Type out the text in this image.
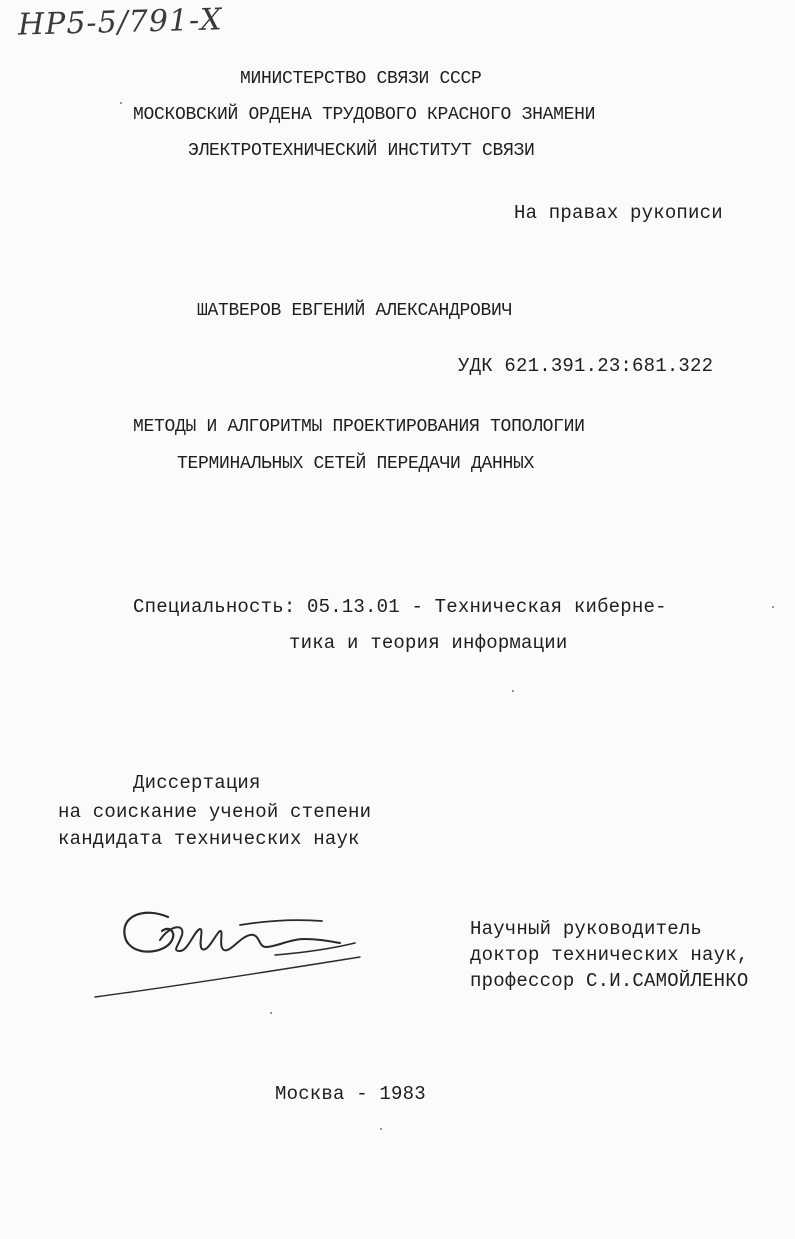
НР5-5/791-Х
МИНИСТЕРСТВО СВЯЗИ СССР
МОСКОВСКИЙ ОРДЕНА ТРУДОВОГО КРАСНОГО ЗНАМЕНИ
ЭЛЕКТРОТЕХНИЧЕСКИЙ ИНСТИТУТ СВЯЗИ
На правах рукописи
ШАТВЕРОВ ЕВГЕНИЙ АЛЕКСАНДРОВИЧ
УДК 621.391.23:681.322
МЕТОДЫ И АЛГОРИТМЫ ПРОЕКТИРОВАНИЯ ТОПОЛОГИИ
ТЕРМИНАЛЬНЫХ СЕТЕЙ ПЕРЕДАЧИ ДАННЫХ
Специальность: 05.13.01 - Техническая киберне-
тика и теория информации
Диссертация
на соискание ученой степени
кандидата технических наук
Научный руководитель
доктор технических наук,
профессор С.И.САМОЙЛЕНКО
Москва - 1983
